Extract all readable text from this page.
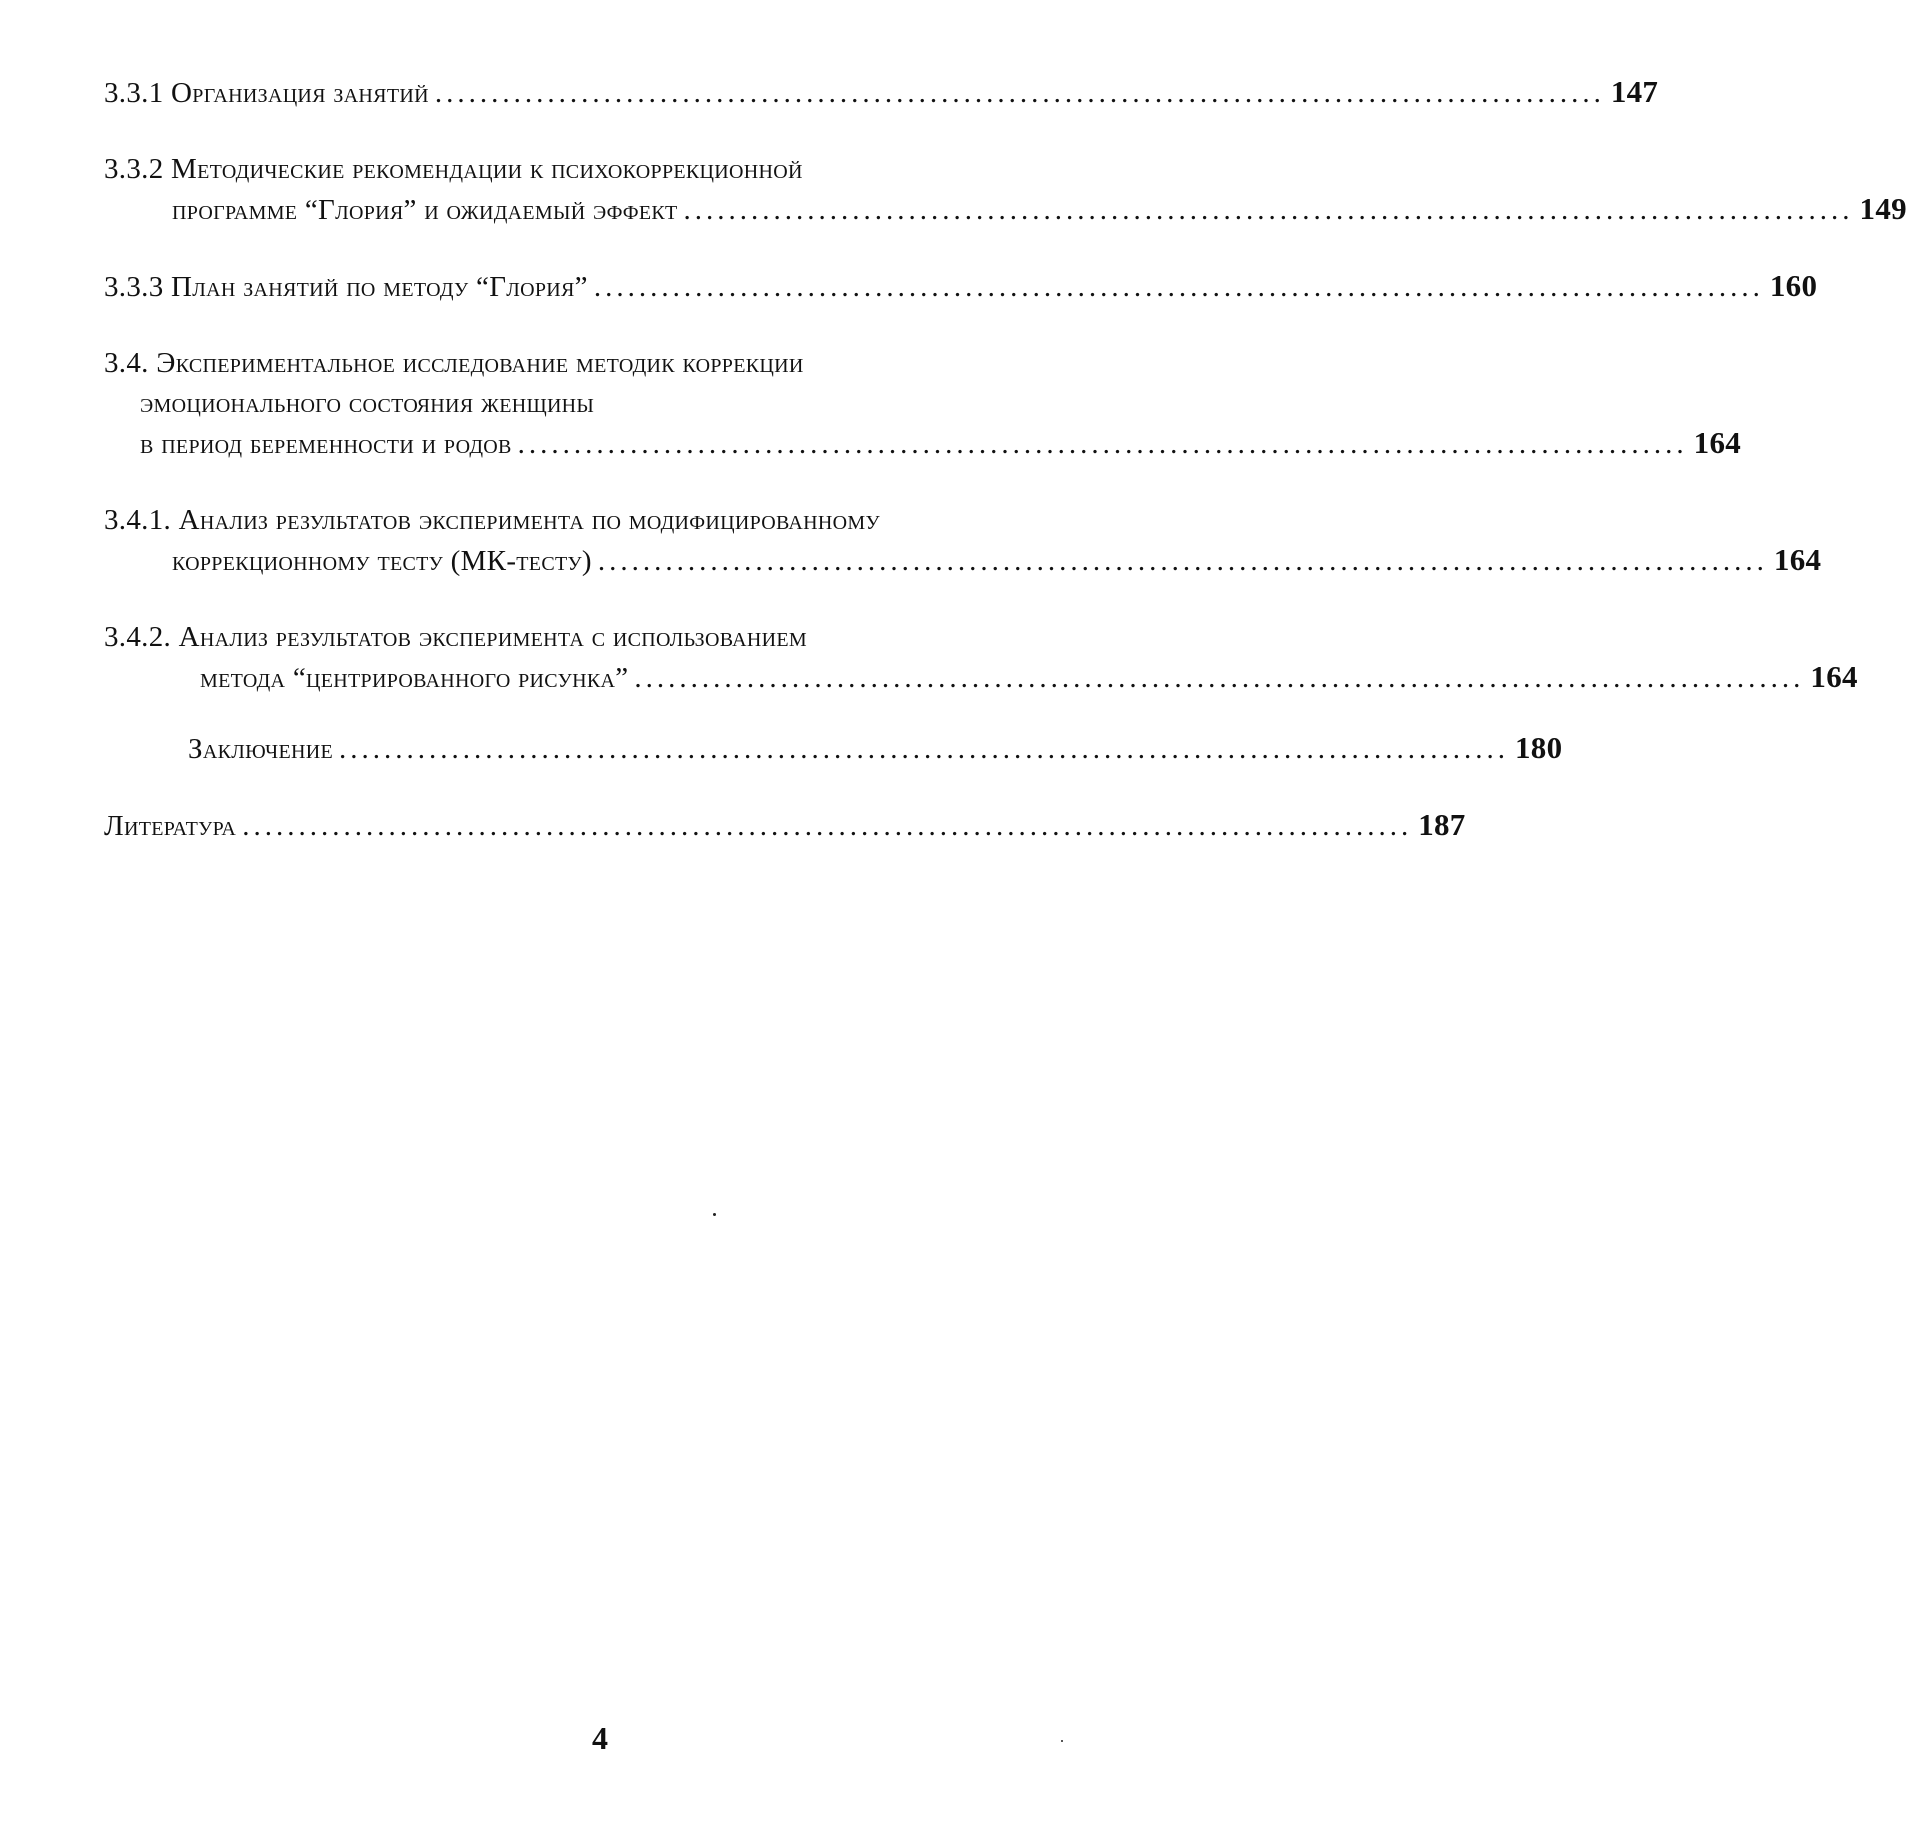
3.3.1 Организация занятий ........................................................................................................ 147
3.3.2 Методические рекомендации к психокоррекционной
программе “Глория” и ожидаемый эффект ........................................................................................................ 149
3.3.3 План занятий по методу “Глория” ........................................................................................................ 160
3.4. Экспериментальное исследование методик коррекции
эмоционального состояния женщины
в период беременности и родов ........................................................................................................ 164
3.4.1. Анализ результатов эксперимента по модифицированному
коррекционному тесту (МК-тесту) ........................................................................................................ 164
3.4.2. Анализ результатов эксперимента с использованием
метода “центрированного рисунка” ........................................................................................................ 164
Заключение ........................................................................................................ 180
Литература ........................................................................................................ 187
4
